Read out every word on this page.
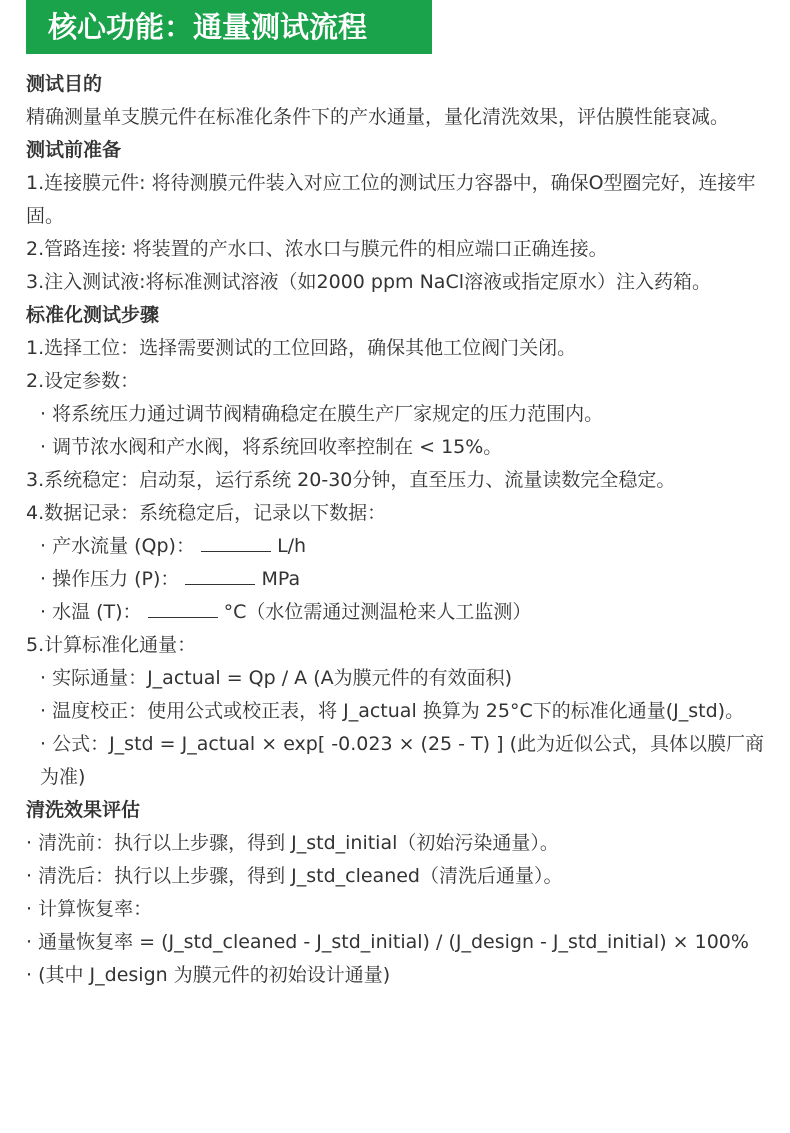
核心功能：通量测试流程
测试目的

精确测量单支膜元件在标准化条件下的产水通量，量化清洗效果，评估膜性能衰减。

测试前准备

1.连接膜元件: 将待测膜元件装入对应工位的测试压力容器中，确保O型圈完好，连接牢固。

2.管路连接: 将装置的产水口、浓水口与膜元件的相应端口正确连接。

3.注入测试液:将标准测试溶液（如2000 ppm NaCl溶液或指定原水）注入药箱。

标准化测试步骤

1.选择工位：选择需要测试的工位回路，确保其他工位阀门关闭。

2.设定参数：

· 将系统压力通过调节阀精确稳定在膜生产厂家规定的压力范围内。

· 调节浓水阀和产水阀，将系统回收率控制在 < 15%。

3.系统稳定：启动泵，运行系统 20-30分钟，直至压力、流量读数完全稳定。

4.数据记录：系统稳定后，记录以下数据：

· 产水流量 (Qp)：	L/h

· 操作压力 (P)：	MPa

· 水温 (T)：	°C（水位需通过测温枪来人工监测）

5.计算标准化通量：

· 实际通量：J_actual = Qp / A (A为膜元件的有效面积)

· 温度校正：使用公式或校正表，将 J_actual 换算为 25°C下的标准化通量(J_std)。

· 公式：J_std = J_actual × exp[ -0.023 × (25 - T) ] (此为近似公式，具体以膜厂商为准)

清洗效果评估

· 清洗前：执行以上步骤，得到 J_std_initial（初始污染通量）。

· 清洗后：执行以上步骤，得到 J_std_cleaned（清洗后通量）。

· 计算恢复率：

· 通量恢复率 = (J_std_cleaned - J_std_initial) / (J_design - J_std_initial) × 100%

· (其中 J_design 为膜元件的初始设计通量)
